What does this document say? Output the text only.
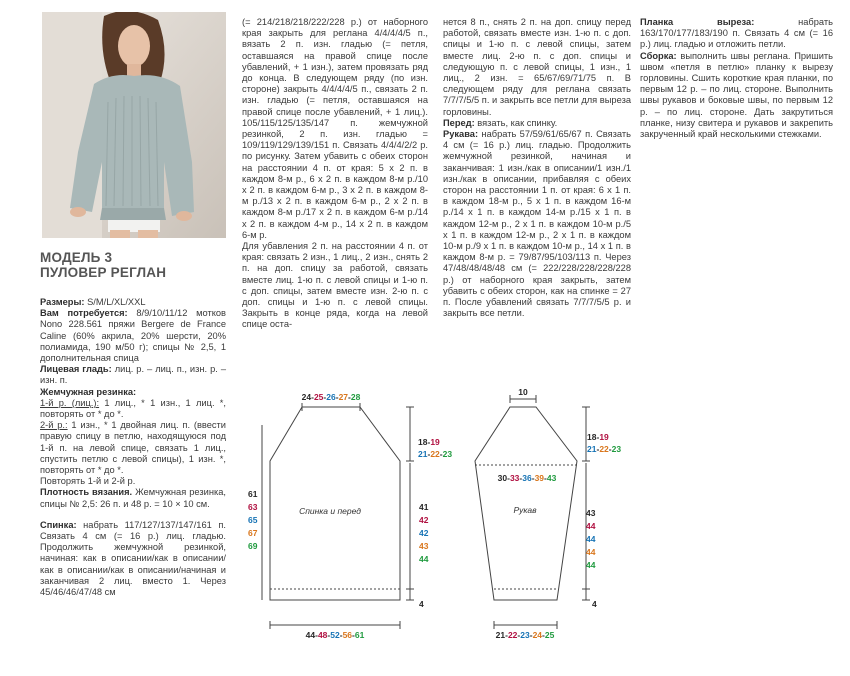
МОДЕЛЬ 3
ПУЛОВЕР РЕГЛАН

Размеры: S/M/L/XL/XXL

Вам потребуется: 8/9/10/11/12 мотков Nono 228.561 пряжи Bergere de France Caline (60% акрила, 20% шерсти, 20% полиамида, 190 м/50 г); спицы № 2,5, 1 дополнительная спица

Лицевая гладь: лиц. р. – лиц. п., изн. р. – изн. п.

Жемчужная резинка:

1-й р. (лиц.): 1 лиц., * 1 изн., 1 лиц. *, повторять от * до *.

2-й р.: 1 изн., * 1 двойная лиц. п. (ввести правую спицу в петлю, находящуюся под 1-й п. на левой спице, связать 1 лиц., спустить петлю с левой спицы), 1 изн. *, повторять от * до *.

Повторять 1-й и 2-й р.

Плотность вязания. Жемчужная резинка, спицы № 2,5: 26 п. и 48 р. = 10 × 10 см.

Спинка: набрать 117/127/137/147/161 п. Связать 4 см (= 16 р.) лиц. гладью. Продолжить жемчужной резинкой, начиная: как в описании/как в описании/как в описании/как в описании/начиная и заканчивая 2 лиц. вместо 1. Через 45/46/46/47/48 см

(= 214/218/218/222/228 р.) от наборного края закрыть для реглана 4/4/4/4/5 п., вязать 2 п. изн. гладью (= петля, оставшаяся на правой спице после убавлений, + 1 изн.), затем провязать ряд до конца. В следующем ряду (по изн. стороне) закрыть 4/4/4/4/5 п., связать 2 п. изн. гладью (= петля, оставшаяся на правой спице после убавлений, + 1 лиц.). 105/115/125/135/147 п. жемчужной резинкой, 2 п. изн. гладью = 109/119/129/139/151 п. Связать 4/4/4/2/2 р. по рисунку. Затем убавить с обеих сторон на расстоянии 4 п. от края: 5 х 2 п. в каждом 8-м р., 6 х 2 п. в каждом 8-м р./10 х 2 п. в каждом 6-м р., 3 х 2 п. в каждом 8-м р./13 х 2 п. в каждом 6-м р., 2 х 2 п. в каждом 8-м р./17 х 2 п. в каждом 6-м р./14 х 2 п. в каждом 4-м р., 14 х 2 п. в каждом 6-м р.

Для убавления 2 п. на расстоянии 4 п. от края: связать 2 изн., 1 лиц., 2 изн., снять 2 п. на доп. спицу за работой, связать вместе лиц. 1-ю п. с левой спицы и 1-ю п. с доп. спицы, затем вместе изн. 2-ю п. с доп. спицы и 1-ю п. с левой спицы. Закрыть в конце ряда, когда на левой спице оста-

нется 8 п., снять 2 п. на доп. спицу перед работой, связать вместе изн. 1-ю п. с доп. спицы и 1-ю п. с левой спицы, затем вместе лиц. 2-ю п. с доп. спицы и следующую п. с левой спицы, 1 изн., 1 лиц., 2 изн. = 65/67/69/71/75 п. В следующем ряду для реглана связать 7/7/7/5/5 п. и закрыть все петли для выреза горловины.

Перед: вязать, как спинку.

Рукава: набрать 57/59/61/65/67 п. Связать 4 см (= 16 р.) лиц. гладью. Продолжить жемчужной резинкой, начиная и заканчивая: 1 изн./как в описании/1 изн./1 изн./как в описании, прибавляя с обеих сторон на расстоянии 1 п. от края: 6 х 1 п. в каждом 18-м р., 5 х 1 п. в каждом 16-м р./14 х 1 п. в каждом 14-м р./15 х 1 п. в каждом 12-м р., 2 х 1 п. в каждом 10-м р./5 х 1 п. в каждом 12-м р., 2 х 1 п. в каждом 10-м р./9 х 1 п. в каждом 10-м р., 14 х 1 п. в каждом 8-м р. = 79/87/95/103/113 п. Через 47/48/48/48/48 см (= 222/228/228/228/228 р.) от наборного края закрыть, затем убавить с обеих сторон, как на спинке = 27 п. После убавлений связать 7/7/7/5/5 р. и закрыть все петли.

Планка выреза: набрать 163/170/177/183/190 п. Связать 4 см (= 16 р.) лиц. гладью и отложить петли.

Сборка: выполнить швы реглана. Пришить швом «петля в петлю» планку к вырезу горловины. Сшить короткие края планки, по первым 12 р. – по лиц. стороне. Выполнить швы рукавов и боковые швы, по первым 12 р. – по лиц. стороне. Дать закрутиться планке, низу свитера и рукавов и закрепить закрученный край несколькими стежками.

Спинка и перед
24-25-26-27-28
18-19
21-22-23
61
63
65
67
69
41
42
42
43
44
4
44-48-52-56-61
Рукав
10
30-33-36-39-43
18-19
21-22-23
43
44
44
44
44
4
21-22-23-24-25
